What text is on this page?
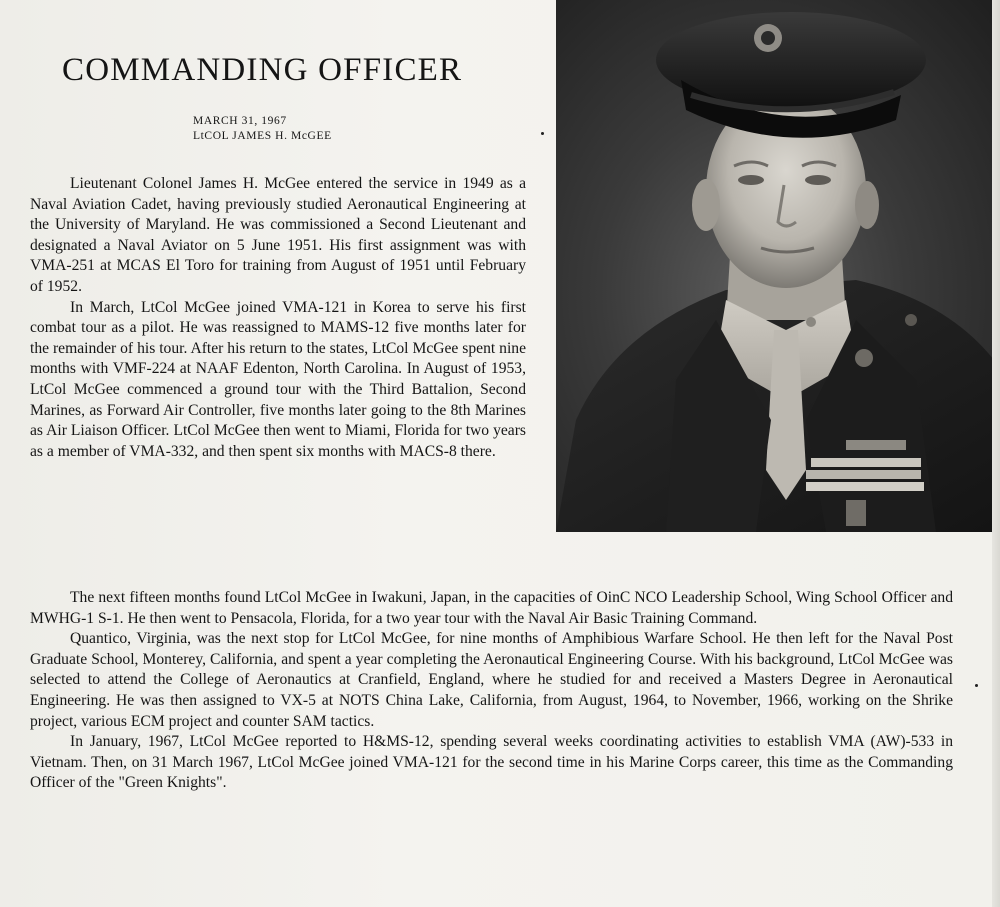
COMMANDING OFFICER
MARCH 31, 1967
LtCOL JAMES H. McGEE

Lieutenant Colonel James H. McGee entered the service in 1949 as a Naval Aviation Cadet, having previously studied Aeronautical Engineering at the University of Maryland. He was commissioned a Second Lieutenant and designated a Naval Aviator on 5 June 1951. His first assignment was with VMA-251 at MCAS El Toro for training from August of 1951 until February of 1952.

In March, LtCol McGee joined VMA-121 in Korea to serve his first combat tour as a pilot. He was reassigned to MAMS-12 five months later for the remainder of his tour. After his return to the states, LtCol McGee spent nine months with VMF-224 at NAAF Edenton, North Carolina. In August of 1953, LtCol McGee commenced a ground tour with the Third Battalion, Second Marines, as Forward Air Controller, five months later going to the 8th Marines as Air Liaison Officer. LtCol McGee then went to Miami, Florida for two years as a member of VMA-332, and then spent six months with MACS-8 there.

The next fifteen months found LtCol McGee in Iwakuni, Japan, in the capacities of OinC NCO Leadership School, Wing School Officer and MWHG-1 S-1. He then went to Pensacola, Florida, for a two year tour with the Naval Air Basic Training Command.

Quantico, Virginia, was the next stop for LtCol McGee, for nine months of Amphibious Warfare School. He then left for the Naval Post Graduate School, Monterey, California, and spent a year completing the Aeronautical Engineering Course. With his background, LtCol McGee was selected to attend the College of Aeronautics at Cranfield, England, where he studied for and received a Masters Degree in Aeronautical Engineering. He was then assigned to VX-5 at NOTS China Lake, California, from August, 1964, to November, 1966, working on the Shrike project, various ECM project and counter SAM tactics.

In January, 1967, LtCol McGee reported to H&MS-12, spending several weeks coordinating activities to establish VMA (AW)-533 in Vietnam. Then, on 31 March 1967, LtCol McGee joined VMA-121 for the second time in his Marine Corps career, this time as the Commanding Officer of the "Green Knights".
